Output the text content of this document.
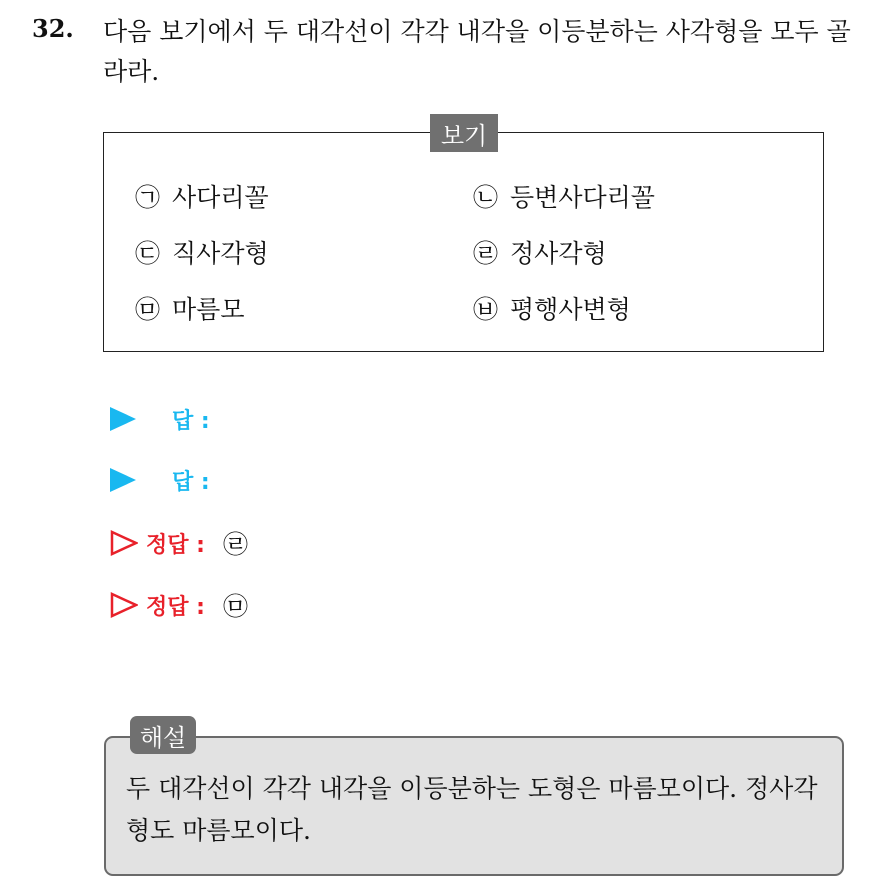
32. 다음 보기에서 두 대각선이 각각 내각을 이등분하는 사각형을 모두 골라라.
보기
㉠ 사다리꼴	㉡ 등변사다리꼴
㉢ 직사각형	㉣ 정사각형
㉤ 마름모	㉥ 평행사변형
답 :
답 :
정답 : ㉣
정답 : ㉤
해설
두 대각선이 각각 내각을 이등분하는 도형은 마름모이다. 정사각형도 마름모이다.
